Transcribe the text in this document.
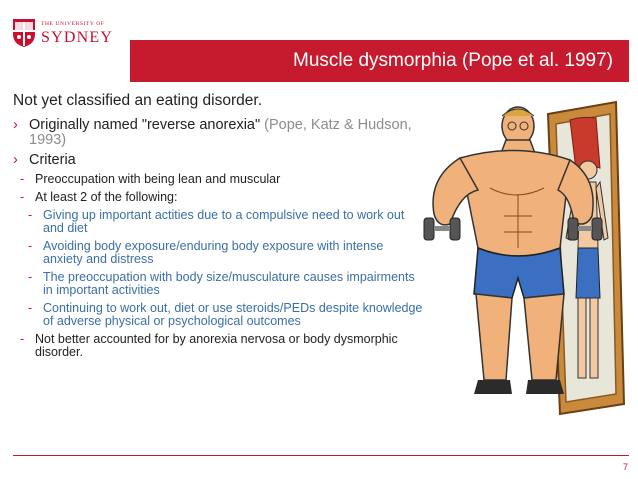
THE UNIVERSITY OF
SYDNEY
Muscle dysmorphia (Pope et al. 1997)

Not yet classified an eating disorder.

› Originally named "reverse anorexia" (Pope, Katz & Hudson, 1993)
› Criteria
- Preoccupation with being lean and muscular
- At least 2 of the following:
- Giving up important actities due to a compulsive need to work out and diet
- Avoiding body exposure/enduring body exposure with intense anxiety and distress
- The preoccupation with body size/musculature causes impairments in important activities
- Continuing to work out, diet or use steroids/PEDs despite knowledge of adverse physical or psychological outcomes
- Not better accounted for by anorexia nervosa or body dysmorphic disorder.
7
